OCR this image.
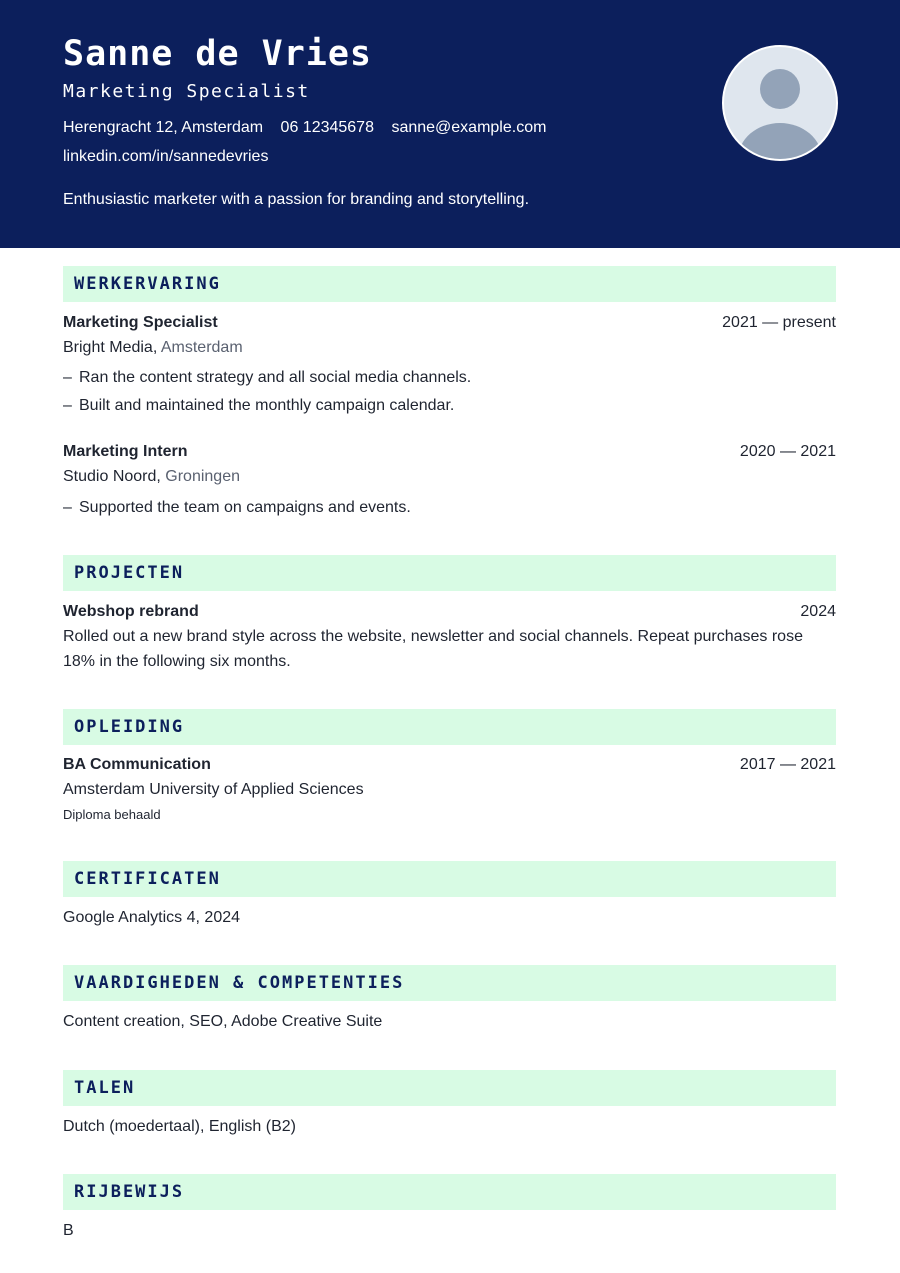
Sanne de Vries
Marketing Specialist
Herengracht 12, Amsterdam 06 12345678 sanne@example.com
linkedin.com/in/sannedevries
Enthusiastic marketer with a passion for branding and storytelling.
WERKERVARING
Marketing Specialist	2021 — present
Bright Media, Amsterdam
– Ran the content strategy and all social media channels.
– Built and maintained the monthly campaign calendar.
Marketing Intern	2020 — 2021
Studio Noord, Groningen
– Supported the team on campaigns and events.
PROJECTEN
Webshop rebrand	2024
Rolled out a new brand style across the website, newsletter and social channels. Repeat purchases rose 18% in the following six months.
OPLEIDING
BA Communication	2017 — 2021
Amsterdam University of Applied Sciences
Diploma behaald
CERTIFICATEN
Google Analytics 4, 2024
VAARDIGHEDEN & COMPETENTIES
Content creation, SEO, Adobe Creative Suite
TALEN
Dutch (moedertaal), English (B2)
RIJBEWIJS
B
